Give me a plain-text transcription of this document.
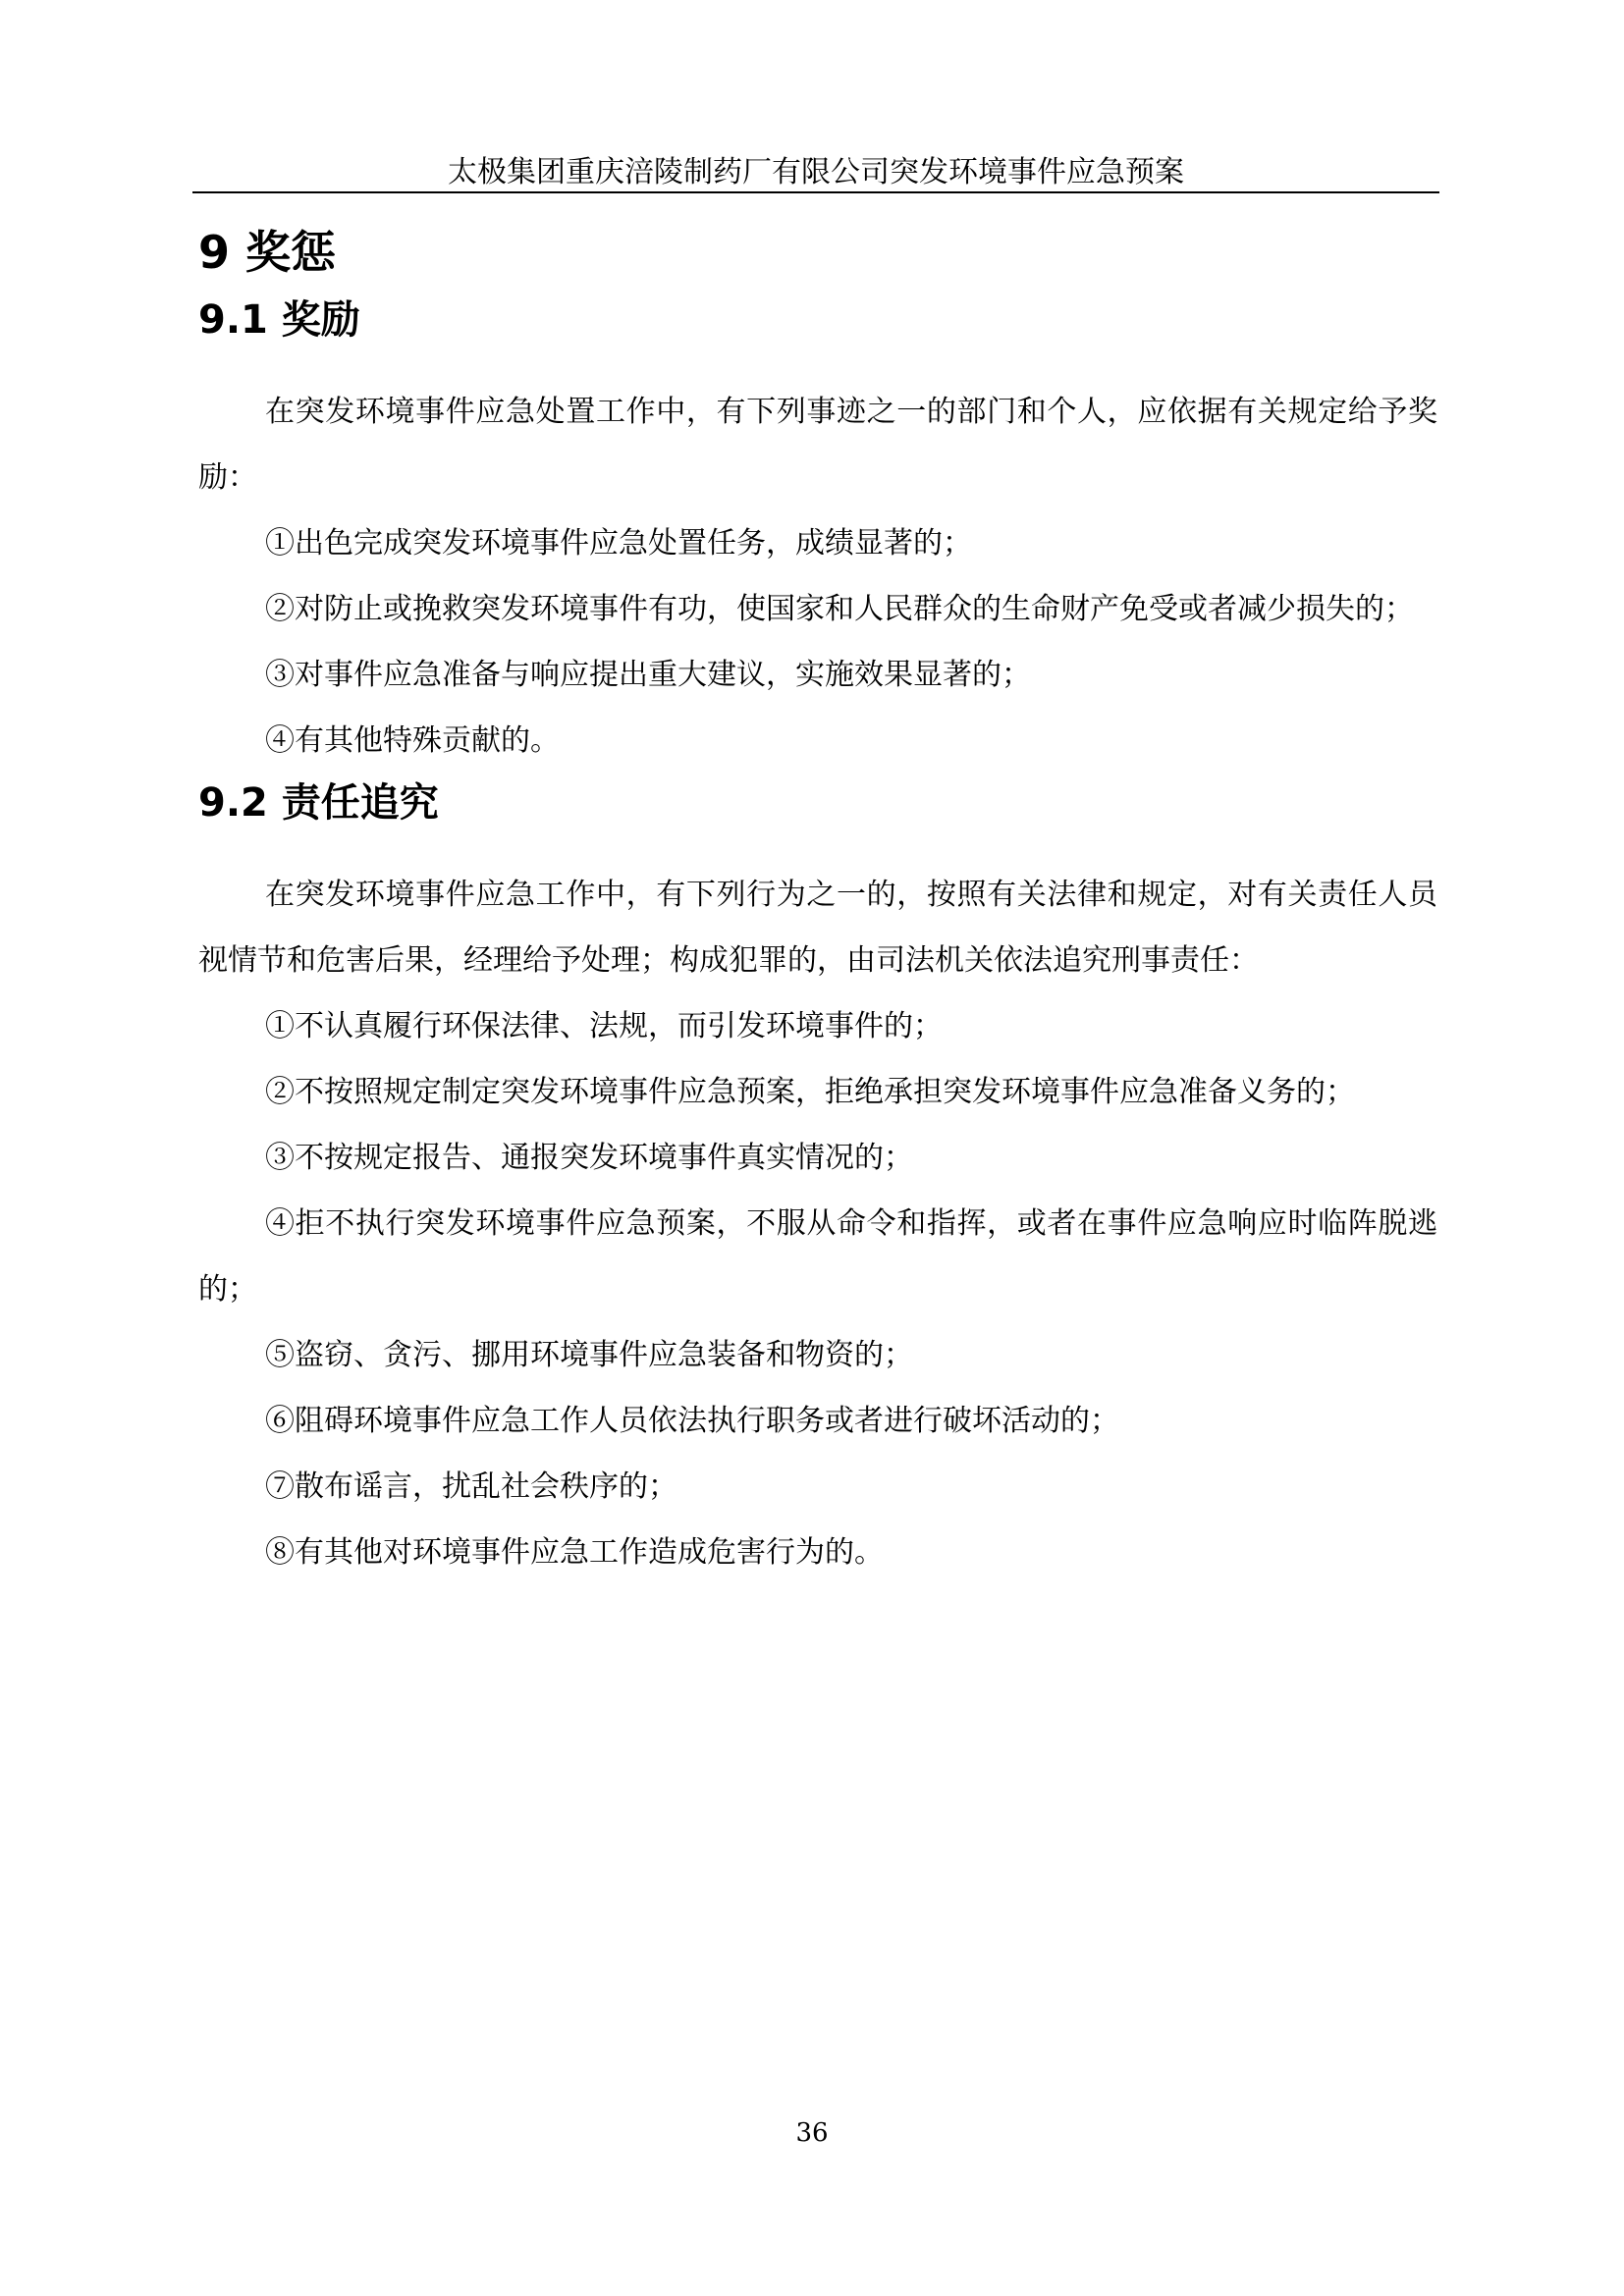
太极集团重庆涪陵制药厂有限公司突发环境事件应急预案
9 奖惩
9.1 奖励

在突发环境事件应急处置工作中，有下列事迹之一的部门和个人，应依据有关规定给予奖励：

①出色完成突发环境事件应急处置任务，成绩显著的；

②对防止或挽救突发环境事件有功，使国家和人民群众的生命财产免受或者减少损失的；

③对事件应急准备与响应提出重大建议，实施效果显著的；

④有其他特殊贡献的。

9.2 责任追究

在突发环境事件应急工作中，有下列行为之一的，按照有关法律和规定，对有关责任人员视情节和危害后果，经理给予处理；构成犯罪的，由司法机关依法追究刑事责任：

①不认真履行环保法律、法规，而引发环境事件的；

②不按照规定制定突发环境事件应急预案，拒绝承担突发环境事件应急准备义务的；

③不按规定报告、通报突发环境事件真实情况的；

④拒不执行突发环境事件应急预案，不服从命令和指挥，或者在事件应急响应时临阵脱逃的；

⑤盗窃、贪污、挪用环境事件应急装备和物资的；

⑥阻碍环境事件应急工作人员依法执行职务或者进行破坏活动的；

⑦散布谣言，扰乱社会秩序的；

⑧有其他对环境事件应急工作造成危害行为的。

36
